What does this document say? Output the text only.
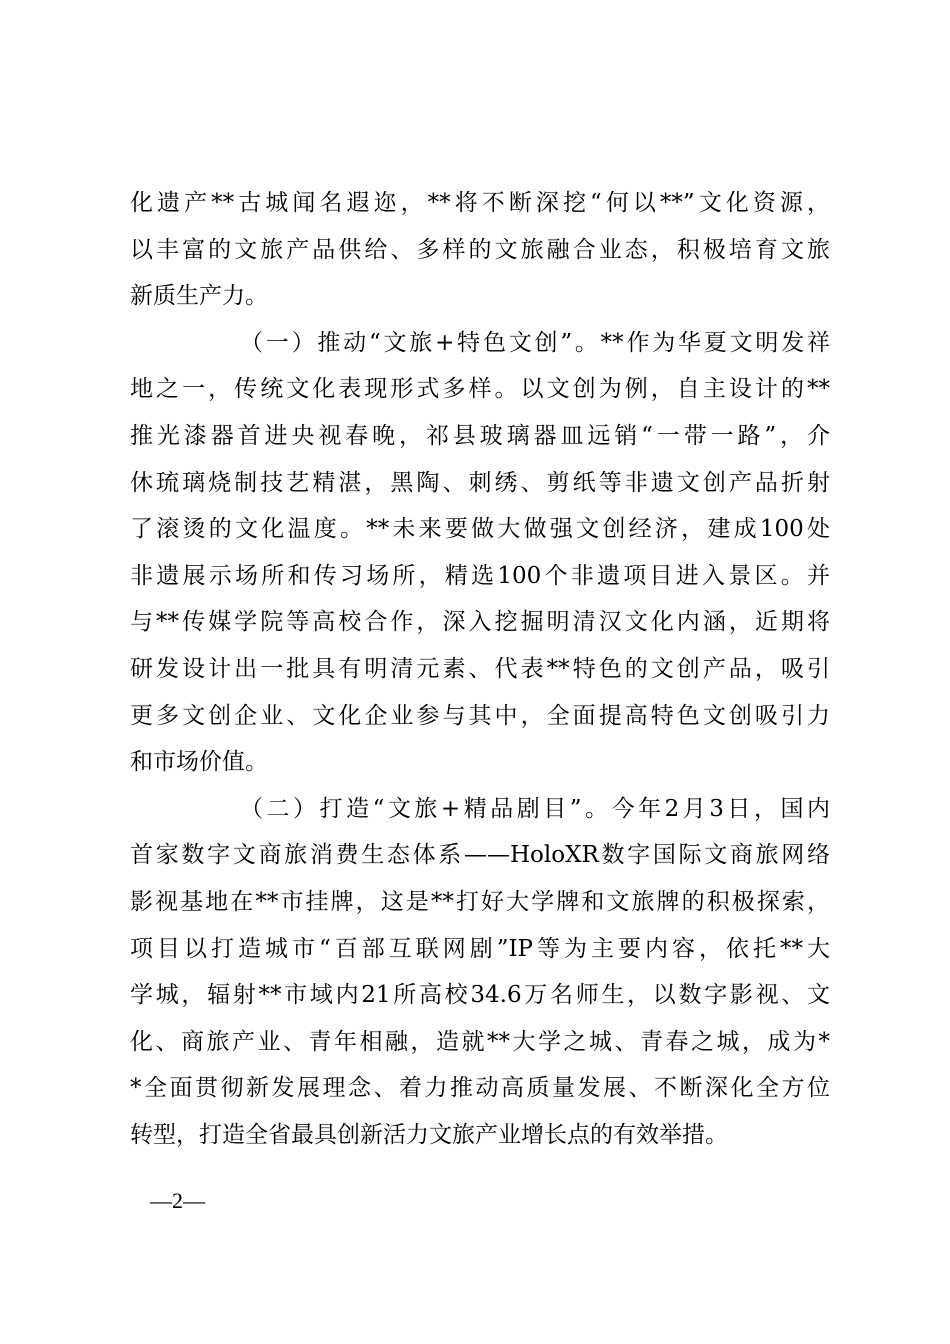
化遗产**古城闻名遐迩，**将不断深挖“何以**”文化资源，
以丰富的文旅产品供给、多样的文旅融合业态，积极培育文旅
新质生产力。
（一）推动“文旅+特色文创”。**作为华夏文明发祥
地之一，传统文化表现形式多样。以文创为例，自主设计的**
推光漆器首进央视春晚，祁县玻璃器皿远销“一带一路”，介
休琉璃烧制技艺精湛，黑陶、刺绣、剪纸等非遗文创产品折射
了滚烫的文化温度。**未来要做大做强文创经济，建成100处
非遗展示场所和传习场所，精选100个非遗项目进入景区。并
与**传媒学院等高校合作，深入挖掘明清汉文化内涵，近期将
研发设计出一批具有明清元素、代表**特色的文创产品，吸引
更多文创企业、文化企业参与其中，全面提高特色文创吸引力
和市场价值。
（二）打造“文旅+精品剧目”。今年2月3日，国内
首家数字文商旅消费生态体系——HoloXR数字国际文商旅网络
影视基地在**市挂牌，这是**打好大学牌和文旅牌的积极探索，
项目以打造城市“百部互联网剧”IP等为主要内容，依托**大
学城，辐射**市域内21所高校34.6万名师生，以数字影视、文
化、商旅产业、青年相融，造就**大学之城、青春之城，成为*
*全面贯彻新发展理念、着力推动高质量发展、不断深化全方位
转型，打造全省最具创新活力文旅产业增长点的有效举措。
—2—
